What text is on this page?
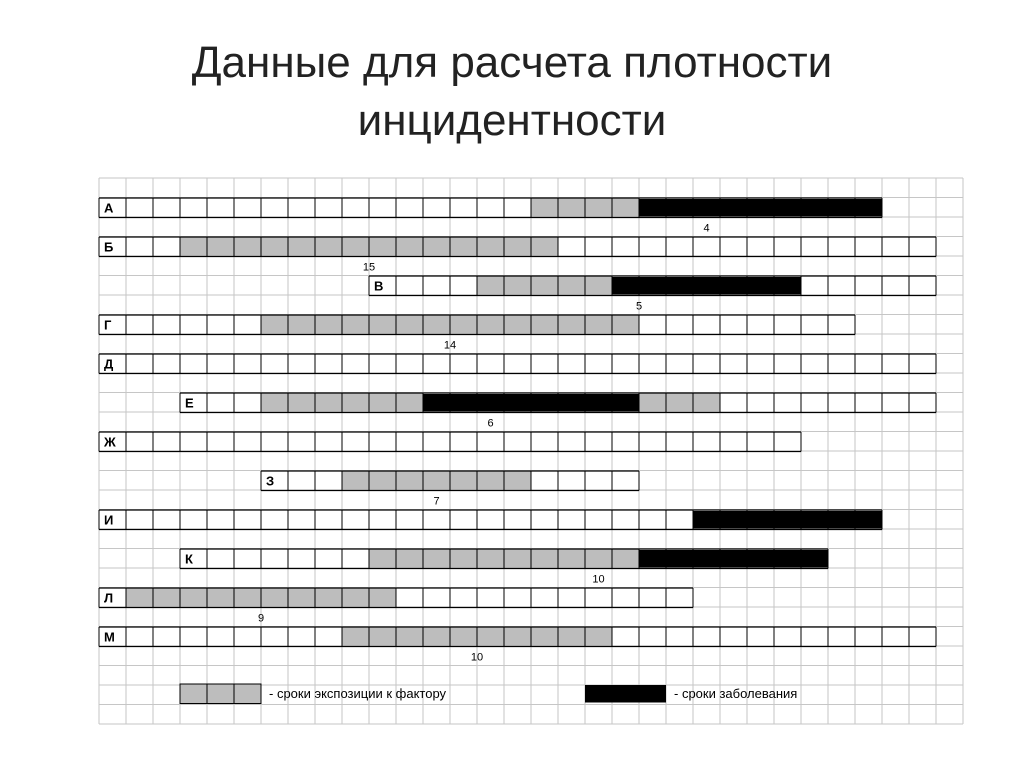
Данные для расчета плотности
инцидентности
А
4
Б
15
В
5
Г
14
Д
Е
6
Ж
З
7
И
К
10
Л
9
М
10
- сроки экспозиции к фактору	- сроки заболевания
